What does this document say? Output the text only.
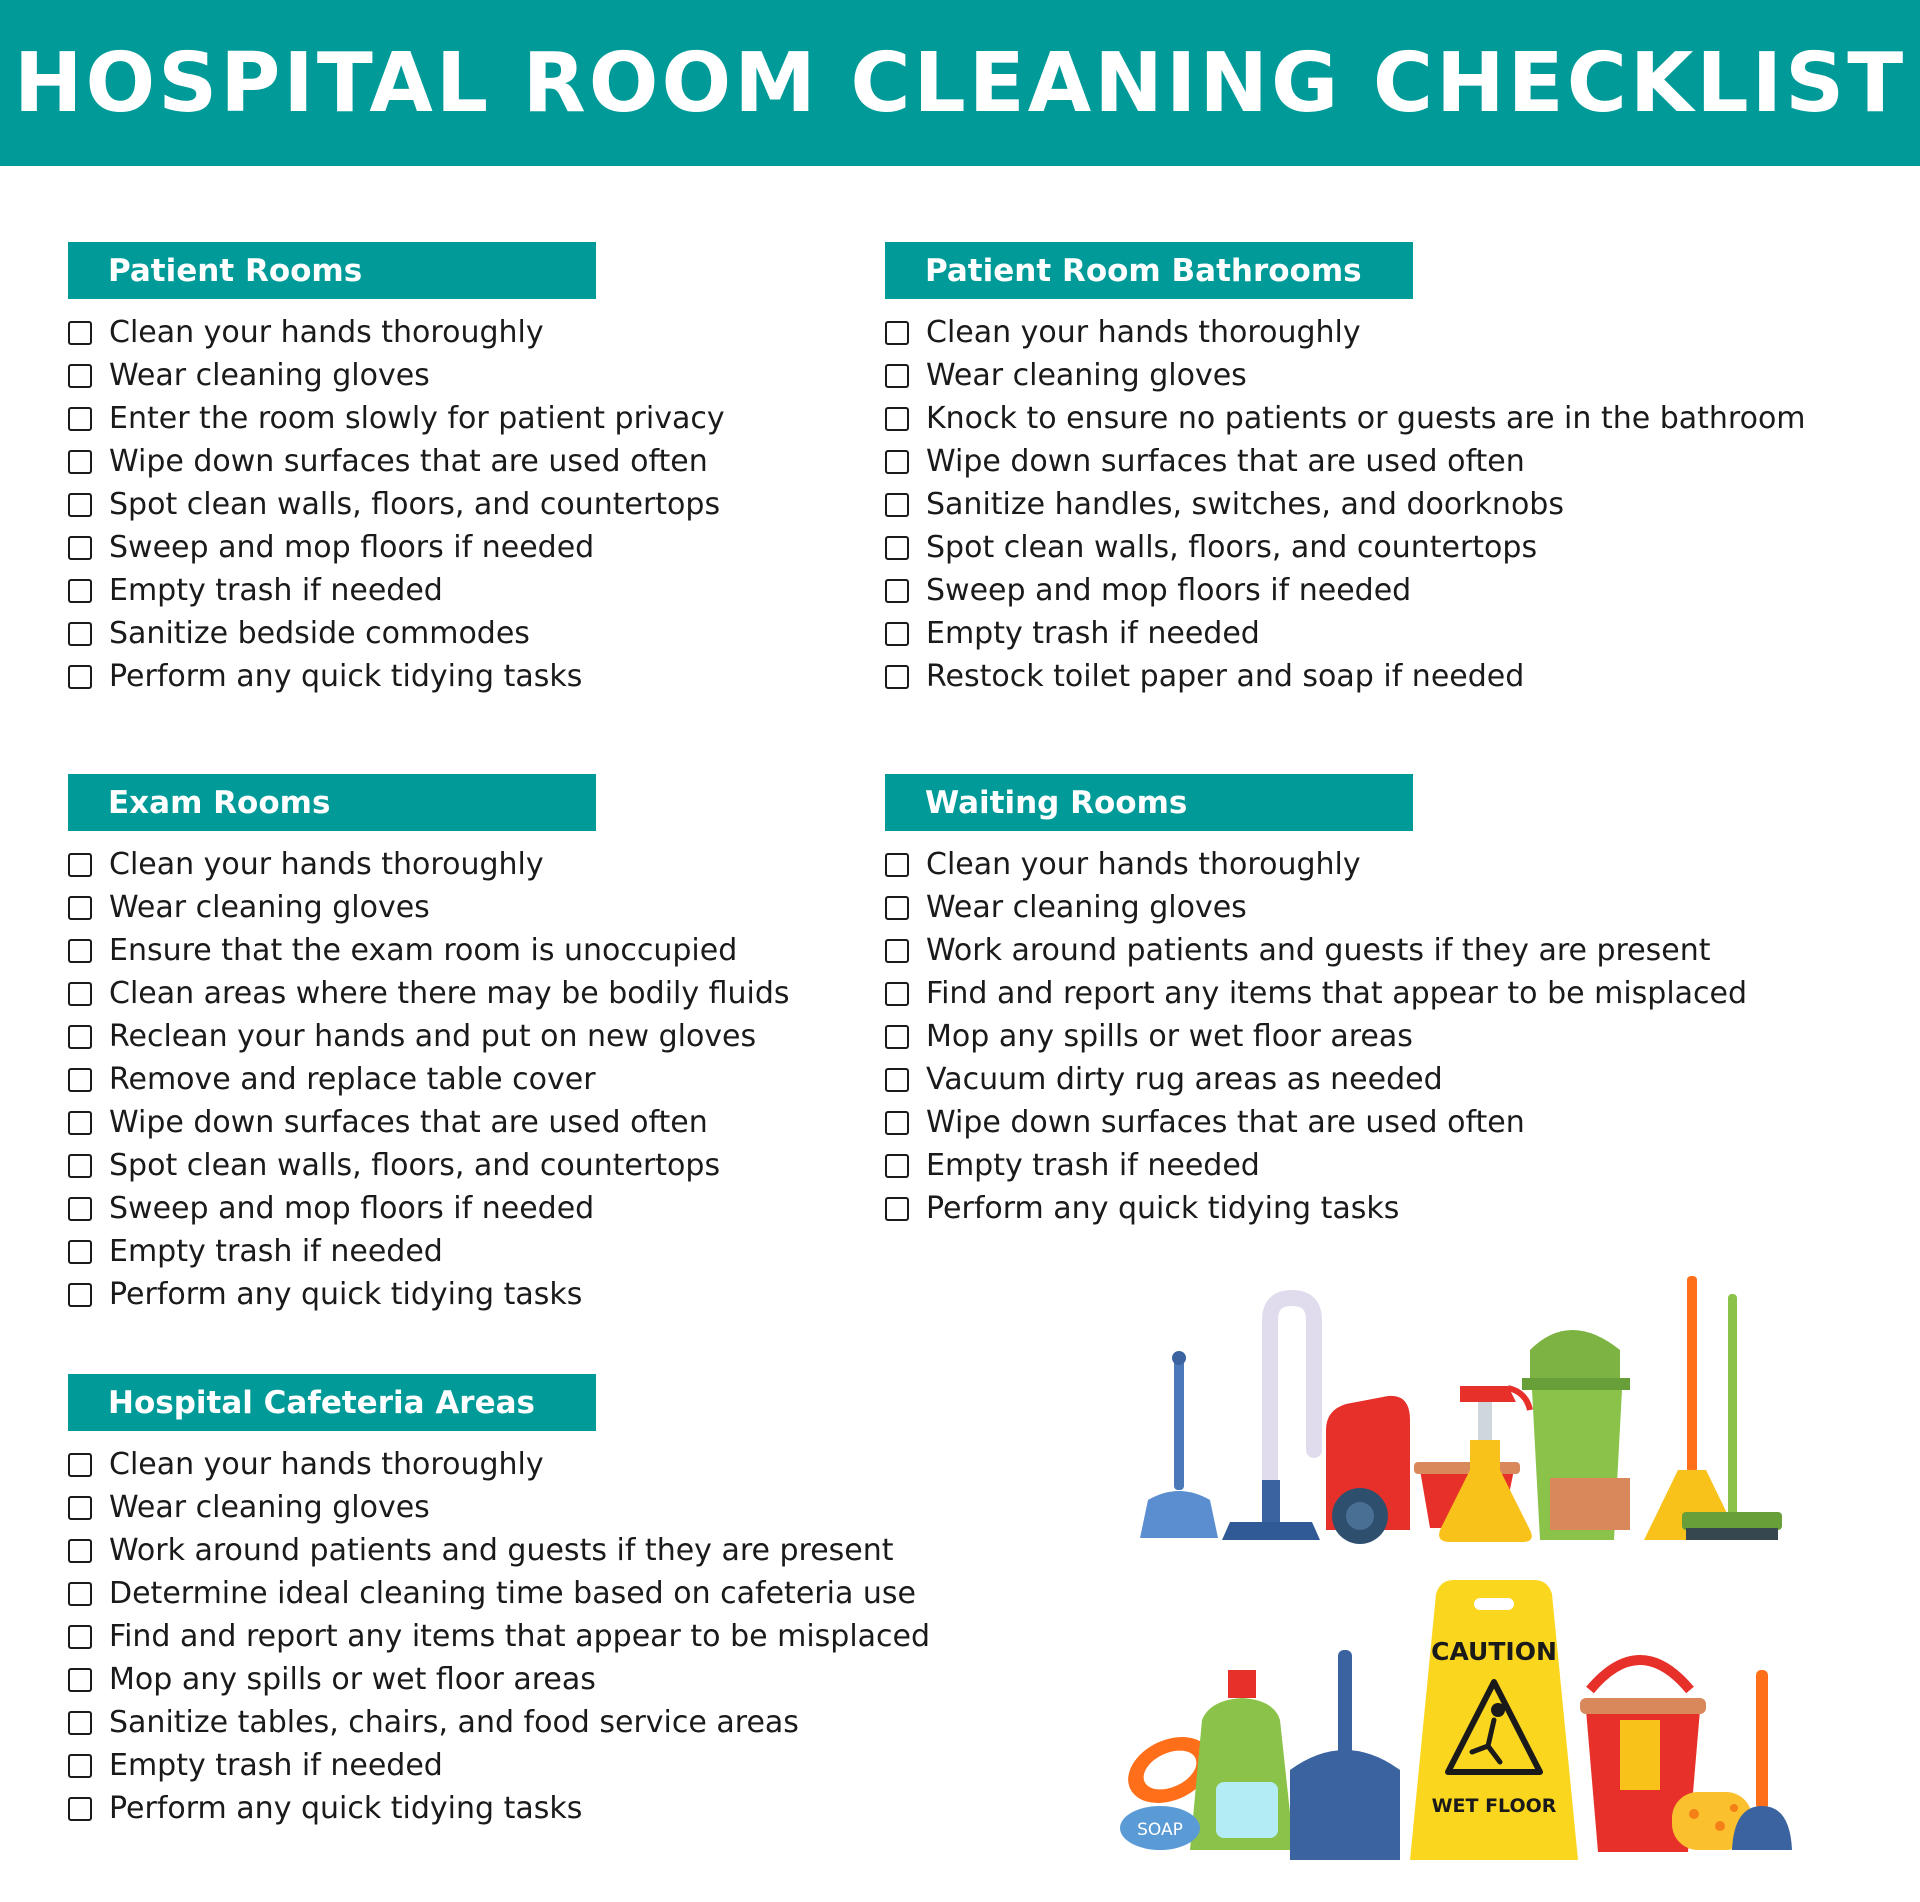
HOSPITAL ROOM CLEANING CHECKLIST
Patient Rooms
Clean your hands thoroughly
Wear cleaning gloves
Enter the room slowly for patient privacy
Wipe down surfaces that are used often
Spot clean walls, floors, and countertops
Sweep and mop floors if needed
Empty trash if needed
Sanitize bedside commodes
Perform any quick tidying tasks
Patient Room Bathrooms
Clean your hands thoroughly
Wear cleaning gloves
Knock to ensure no patients or guests are in the bathroom
Wipe down surfaces that are used often
Sanitize handles, switches, and doorknobs
Spot clean walls, floors, and countertops
Sweep and mop floors if needed
Empty trash if needed
Restock toilet paper and soap if needed
Exam Rooms
Clean your hands thoroughly
Wear cleaning gloves
Ensure that the exam room is unoccupied
Clean areas where there may be bodily fluids
Reclean your hands and put on new gloves
Remove and replace table cover
Wipe down surfaces that are used often
Spot clean walls, floors, and countertops
Sweep and mop floors if needed
Empty trash if needed
Perform any quick tidying tasks
Waiting Rooms
Clean your hands thoroughly
Wear cleaning gloves
Work around patients and guests if they are present
Find and report any items that appear to be misplaced
Mop any spills or wet floor areas
Vacuum dirty rug areas as needed
Wipe down surfaces that are used often
Empty trash if needed
Perform any quick tidying tasks
Hospital Cafeteria Areas
Clean your hands thoroughly
Wear cleaning gloves
Work around patients and guests if they are present
Determine ideal cleaning time based on cafeteria use
Find and report any items that appear to be misplaced
Mop any spills or wet floor areas
Sanitize tables, chairs, and food service areas
Empty trash if needed
Perform any quick tidying tasks
SOAP
CAUTION
WET FLOOR
